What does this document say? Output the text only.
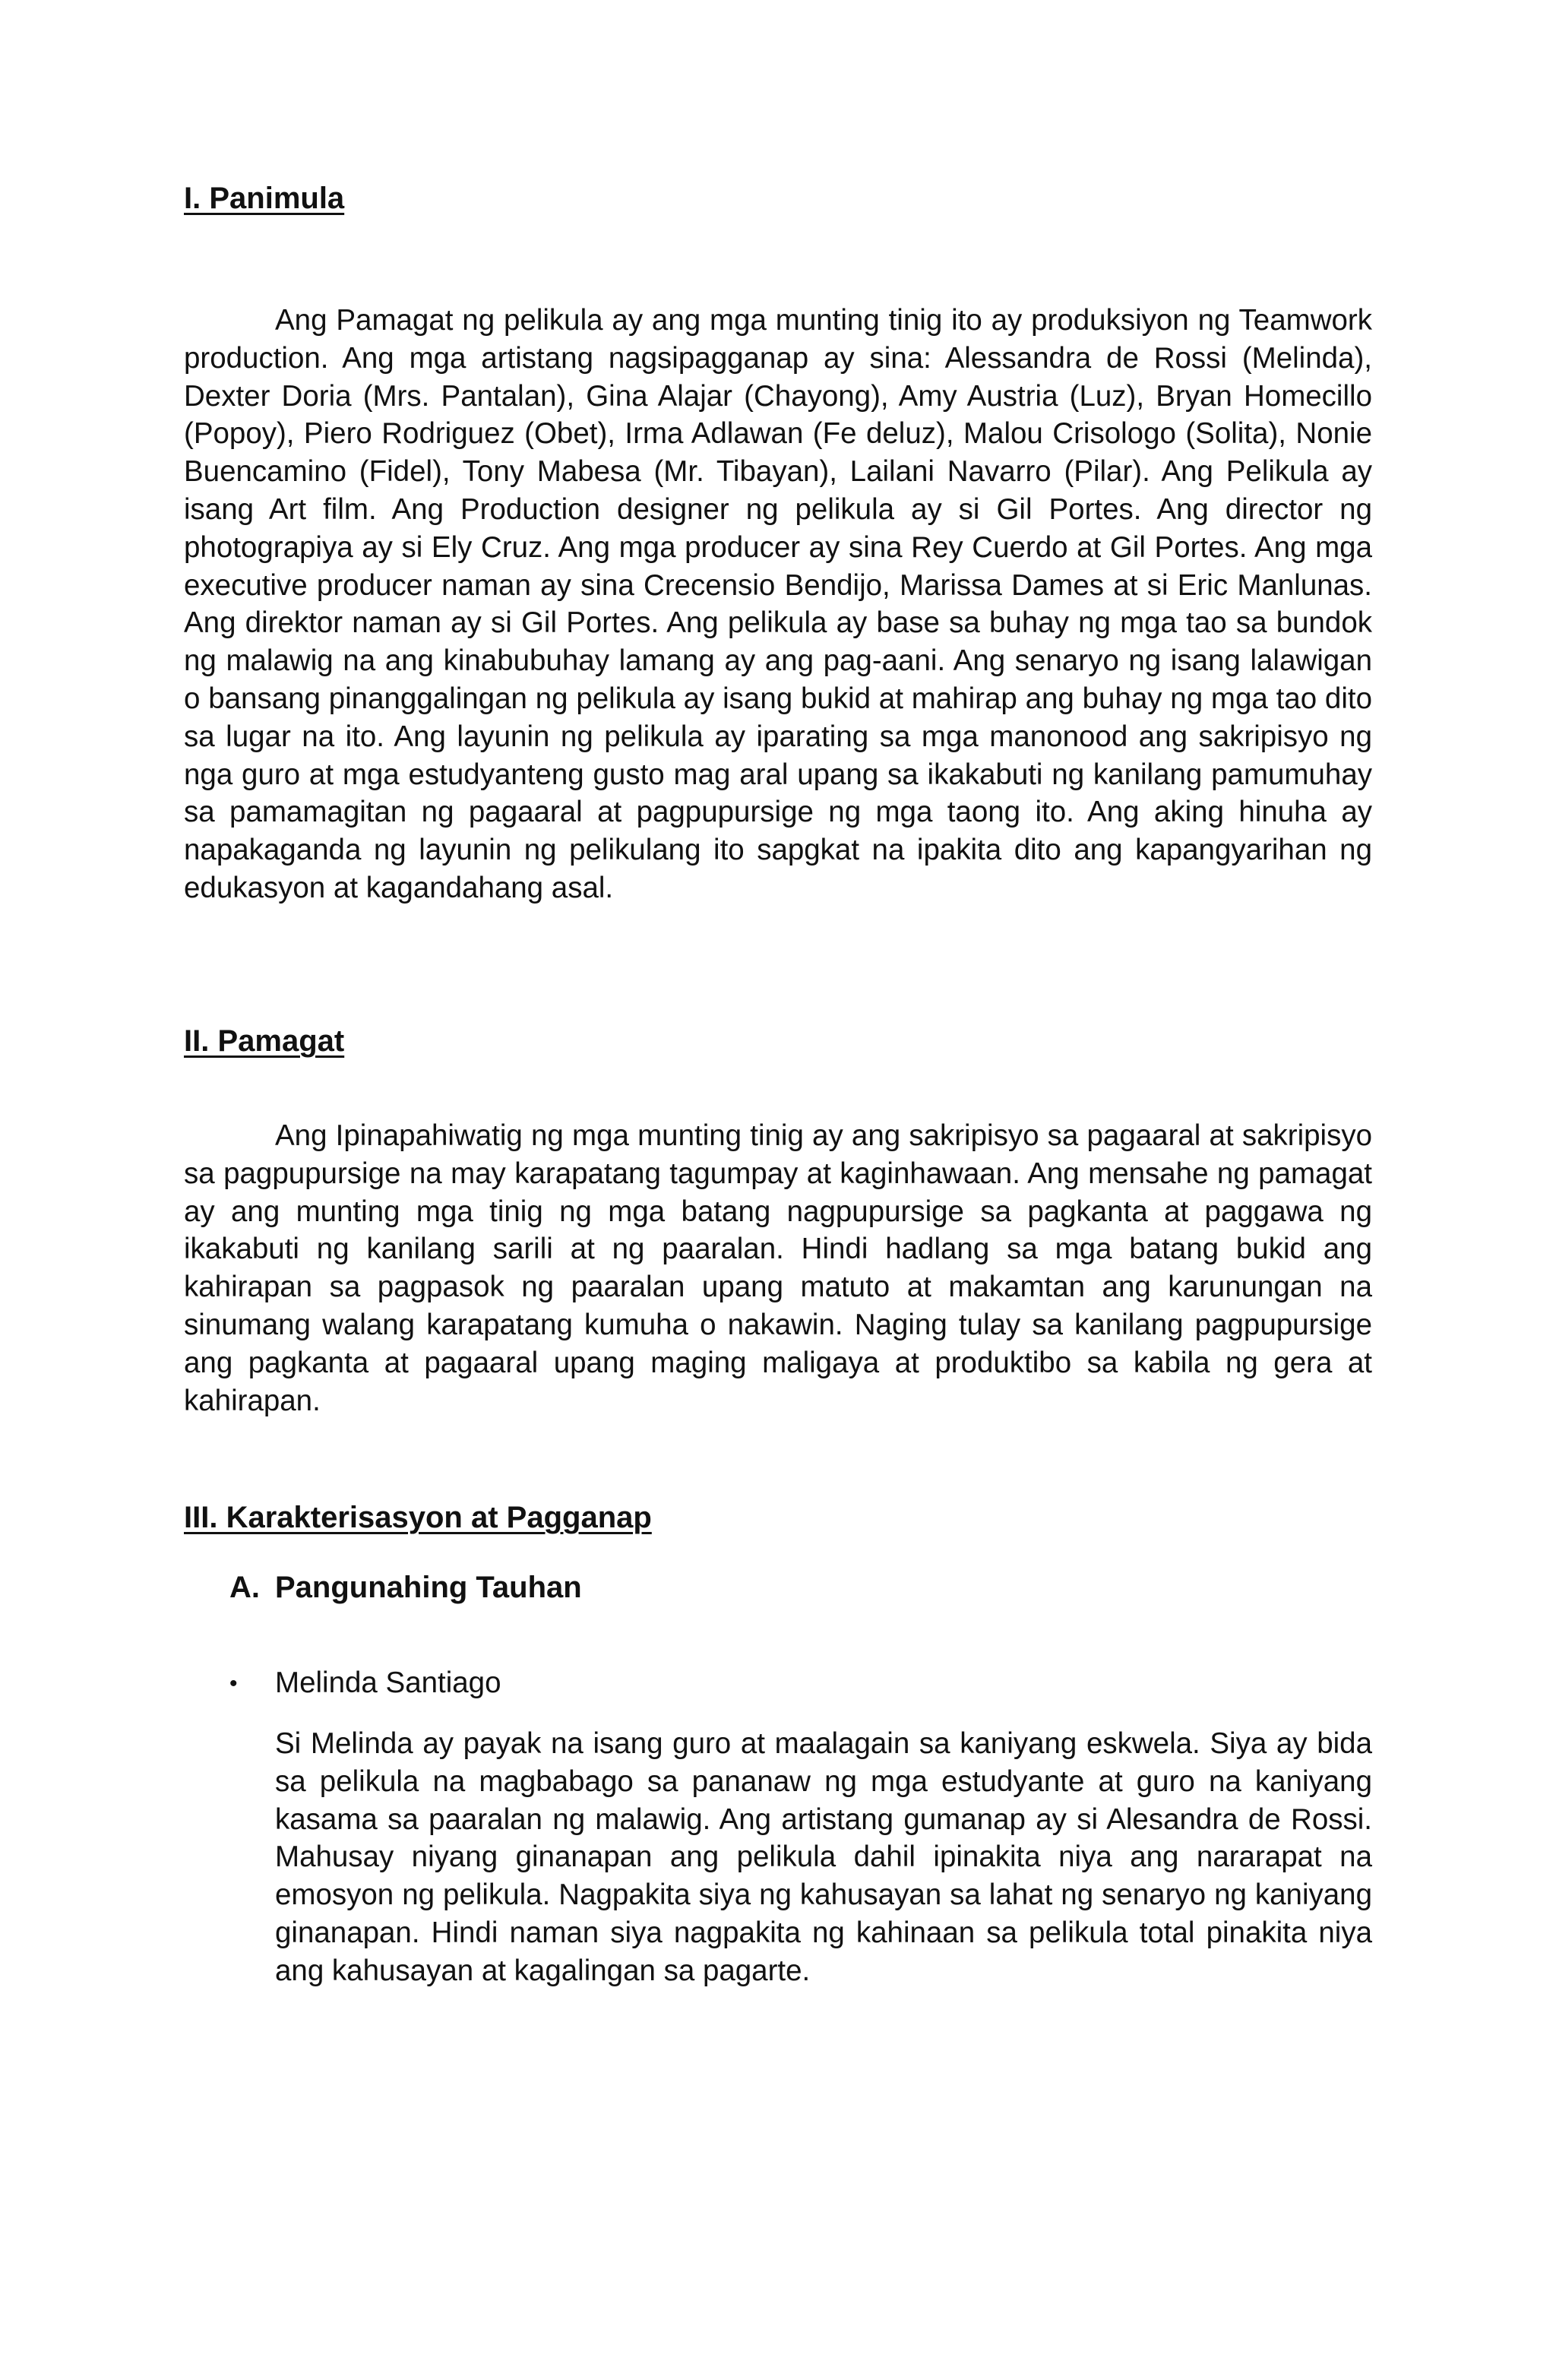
I. Panimula

Ang Pamagat ng pelikula ay ang mga munting tinig ito ay produksiyon ng Teamwork production. Ang mga artistang nagsipagganap ay sina: Alessandra de Rossi (Melinda), Dexter Doria (Mrs. Pantalan), Gina Alajar (Chayong), Amy Austria (Luz), Bryan Homecillo (Popoy), Piero Rodriguez (Obet), Irma Adlawan (Fe deluz), Malou Crisologo (Solita), Nonie Buencamino (Fidel), Tony Mabesa (Mr. Tibayan), Lailani Navarro (Pilar). Ang Pelikula ay isang Art film. Ang Production designer ng pelikula ay si Gil Portes. Ang director ng photograpiya ay si Ely Cruz. Ang mga producer ay sina Rey Cuerdo at Gil Portes. Ang mga executive producer naman ay sina Crecensio Bendijo, Marissa Dames at si Eric Manlunas. Ang direktor naman ay si Gil Portes. Ang pelikula ay base sa buhay ng mga tao sa bundok ng malawig na ang kinabubuhay lamang ay ang pag-aani. Ang senaryo ng isang lalawigan o bansang pinanggalingan ng pelikula ay isang bukid at mahirap ang buhay ng mga tao dito sa lugar na ito. Ang layunin ng pelikula ay iparating sa mga manonood ang sakripisyo ng nga guro at mga estudyanteng gusto mag aral upang sa ikakabuti ng kanilang pamumuhay sa pamamagitan ng pagaaral at pagpupursige ng mga taong ito. Ang aking hinuha ay napakaganda ng layunin ng pelikulang ito sapgkat na ipakita dito ang kapangyarihan ng edukasyon at kagandahang asal.

II. Pamagat

Ang Ipinapahiwatig ng mga munting tinig ay ang sakripisyo sa pagaaral at sakripisyo sa pagpupursige na may karapatang tagumpay at kaginhawaan. Ang mensahe ng pamagat ay ang munting mga tinig ng mga batang nagpupursige sa pagkanta at paggawa ng ikakabuti ng kanilang sarili at ng paaralan. Hindi hadlang sa mga batang bukid ang kahirapan sa pagpasok ng paaralan upang matuto at makamtan ang karunungan na sinumang walang karapatang kumuha o nakawin. Naging tulay sa kanilang pagpupursige ang pagkanta at pagaaral upang maging maligaya at produktibo sa kabila ng gera at kahirapan.

III. Karakterisasyon at Pagganap
A. Pangunahing Tauhan

• Melinda Santiago

Si Melinda ay payak na isang guro at maalagain sa kaniyang eskwela. Siya ay bida sa pelikula na magbabago sa pananaw ng mga estudyante at guro na kaniyang kasama sa paaralan ng malawig. Ang artistang gumanap ay si Alesandra de Rossi. Mahusay niyang ginanapan ang pelikula dahil ipinakita niya ang nararapat na emosyon ng pelikula. Nagpakita siya ng kahusayan sa lahat ng senaryo ng kaniyang ginanapan. Hindi naman siya nagpakita ng kahinaan sa pelikula total pinakita niya ang kahusayan at kagalingan sa pagarte.
